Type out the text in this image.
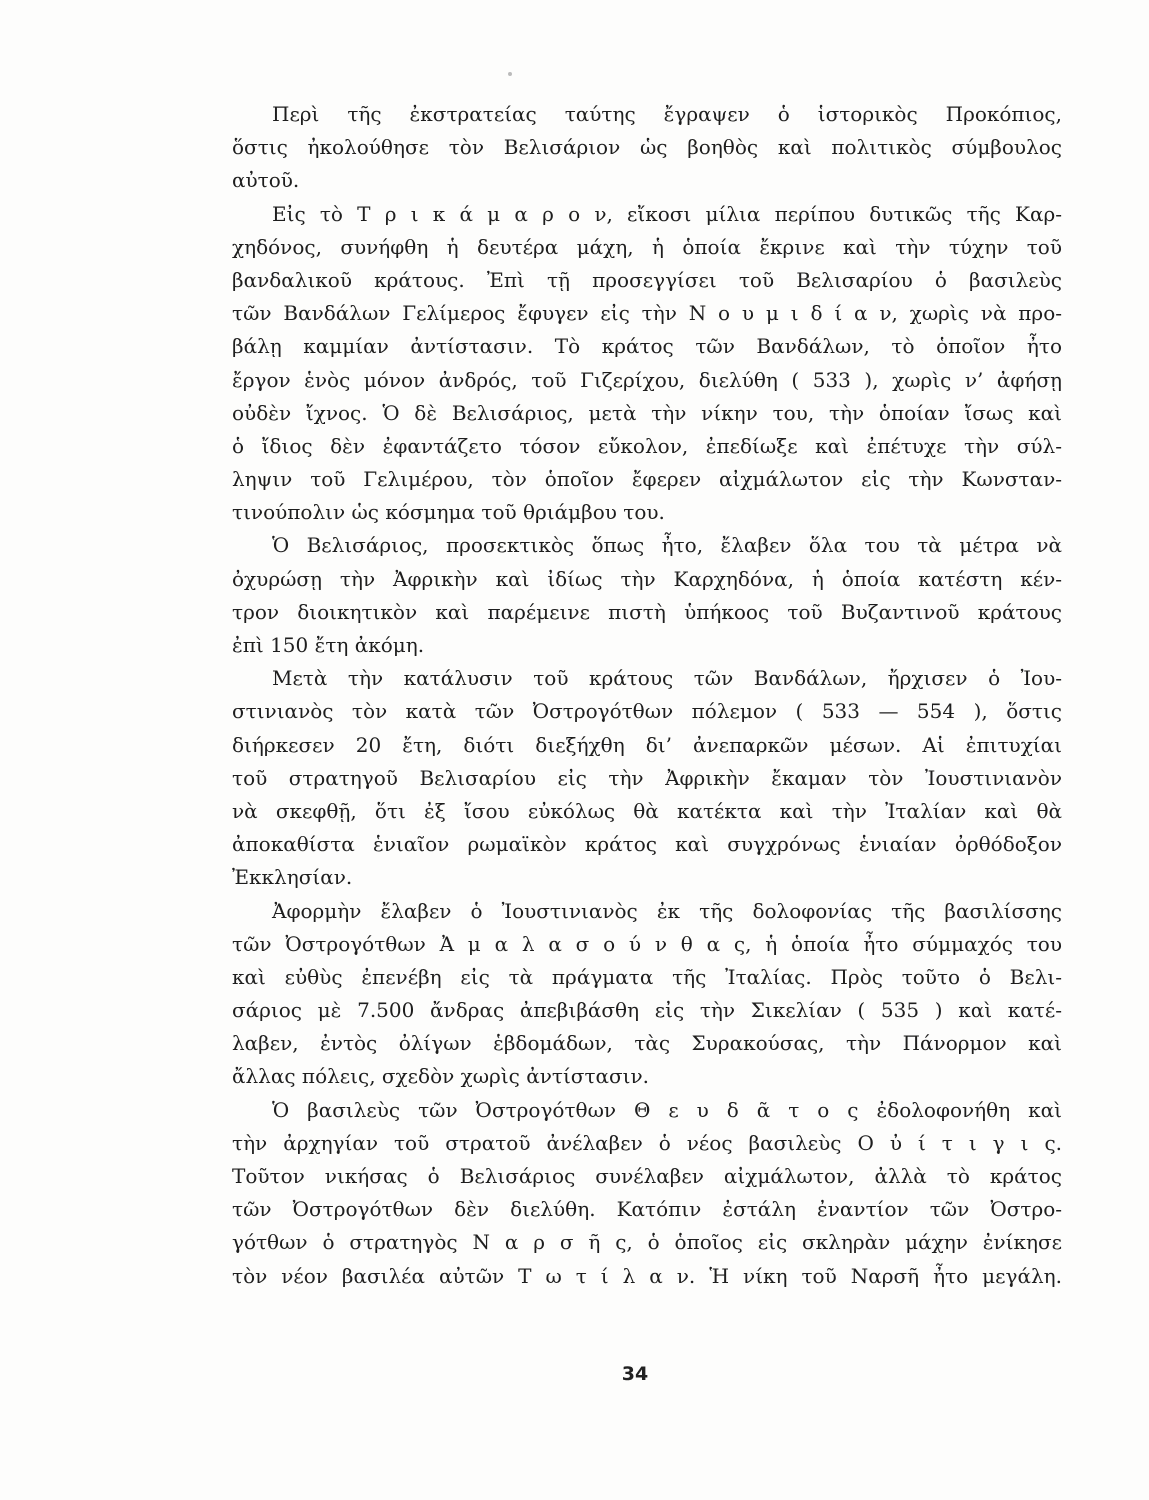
Περὶ τῆς ἐκστρατείας ταύτης ἔγραψεν ὁ ἱστορικὸς Προκόπιος,
ὅστις ἠκολούθησε τὸν Βελισάριον ὡς βοηθὸς καὶ πολιτικὸς σύμβουλος
αὐτοῦ.
Εἰς τὸ Τ ρ ι κ ά μ α ρ ο ν, εἴκοσι μίλια περίπου δυτικῶς τῆς Καρ-
χηδόνος, συνήφθη ἡ δευτέρα μάχη, ἡ ὁποία ἔκρινε καὶ τὴν τύχην τοῦ
βανδαλικοῦ κράτους. Ἐπὶ τῇ προσεγγίσει τοῦ Βελισαρίου ὁ βασιλεὺς
τῶν Βανδάλων Γελίμερος ἔφυγεν εἰς τὴν Ν ο υ μ ι δ ί α ν, χωρὶς νὰ προ-
βάλῃ καμμίαν ἀντίστασιν. Τὸ κράτος τῶν Βανδάλων, τὸ ὁποῖον ἦτο
ἔργον ἑνὸς μόνον ἀνδρός, τοῦ Γιζερίχου, διελύθη ( 533 ), χωρὶς ν’ ἀφήσῃ
οὐδὲν ἴχνος. Ὁ δὲ Βελισάριος, μετὰ τὴν νίκην του, τὴν ὁποίαν ἴσως καὶ
ὁ ἴδιος δὲν ἐφαντάζετο τόσον εὔκολον, ἐπεδίωξε καὶ ἐπέτυχε τὴν σύλ-
ληψιν τοῦ Γελιμέρου, τὸν ὁποῖον ἔφερεν αἰχμάλωτον εἰς τὴν Κωνσταν-
τινούπολιν ὡς κόσμημα τοῦ θριάμβου του.
Ὁ Βελισάριος, προσεκτικὸς ὅπως ἦτο, ἔλαβεν ὅλα του τὰ μέτρα νὰ
ὀχυρώσῃ τὴν Ἀφρικὴν καὶ ἰδίως τὴν Καρχηδόνα, ἡ ὁποία κατέστη κέν-
τρον διοικητικὸν καὶ παρέμεινε πιστὴ ὑπήκοος τοῦ Βυζαντινοῦ κράτους
ἐπὶ 150 ἔτη ἀκόμη.
Μετὰ τὴν κατάλυσιν τοῦ κράτους τῶν Βανδάλων, ἤρχισεν ὁ Ἰου-
στινιανὸς τὸν κατὰ τῶν Ὀστρογότθων πόλεμον ( 533 — 554 ), ὅστις
διήρκεσεν 20 ἔτη, διότι διεξήχθη δι’ ἀνεπαρκῶν μέσων. Αἱ ἐπιτυχίαι
τοῦ στρατηγοῦ Βελισαρίου εἰς τὴν Ἀφρικὴν ἔκαμαν τὸν Ἰουστινιανὸν
νὰ σκεφθῇ, ὅτι ἐξ ἴσου εὐκόλως θὰ κατέκτα καὶ τὴν Ἰταλίαν καὶ θὰ
ἀποκαθίστα ἑνιαῖον ρωμαϊκὸν κράτος καὶ συγχρόνως ἑνιαίαν ὀρθόδοξον
Ἐκκλησίαν.
Ἀφορμὴν ἔλαβεν ὁ Ἰουστινιανὸς ἐκ τῆς δολοφονίας τῆς βασιλίσσης
τῶν Ὀστρογότθων Ἀ μ α λ α σ ο ύ ν θ α ς, ἡ ὁποία ἦτο σύμμαχός του
καὶ εὐθὺς ἐπενέβη εἰς τὰ πράγματα τῆς Ἰταλίας. Πρὸς τοῦτο ὁ Βελι-
σάριος μὲ 7.500 ἄνδρας ἀπεβιβάσθη εἰς τὴν Σικελίαν ( 535 ) καὶ κατέ-
λαβεν, ἐντὸς ὀλίγων ἑβδομάδων, τὰς Συρακούσας, τὴν Πάνορμον καὶ
ἄλλας πόλεις, σχεδὸν χωρὶς ἀντίστασιν.
Ὁ βασιλεὺς τῶν Ὀστρογότθων Θ ε υ δ ᾶ τ ο ς ἐδολοφονήθη καὶ
τὴν ἀρχηγίαν τοῦ στρατοῦ ἀνέλαβεν ὁ νέος βασιλεὺς Ο ὐ ί τ ι γ ι ς.
Τοῦτον νικήσας ὁ Βελισάριος συνέλαβεν αἰχμάλωτον, ἀλλὰ τὸ κράτος
τῶν Ὀστρογότθων δὲν διελύθη. Κατόπιν ἐστάλη ἐναντίον τῶν Ὀστρο-
γότθων ὁ στρατηγὸς Ν α ρ σ ῆ ς, ὁ ὁποῖος εἰς σκληρὰν μάχην ἐνίκησε
τὸν νέον βασιλέα αὐτῶν Τ ω τ ί λ α ν. Ἡ νίκη τοῦ Ναρσῆ ἦτο μεγάλη.
34
